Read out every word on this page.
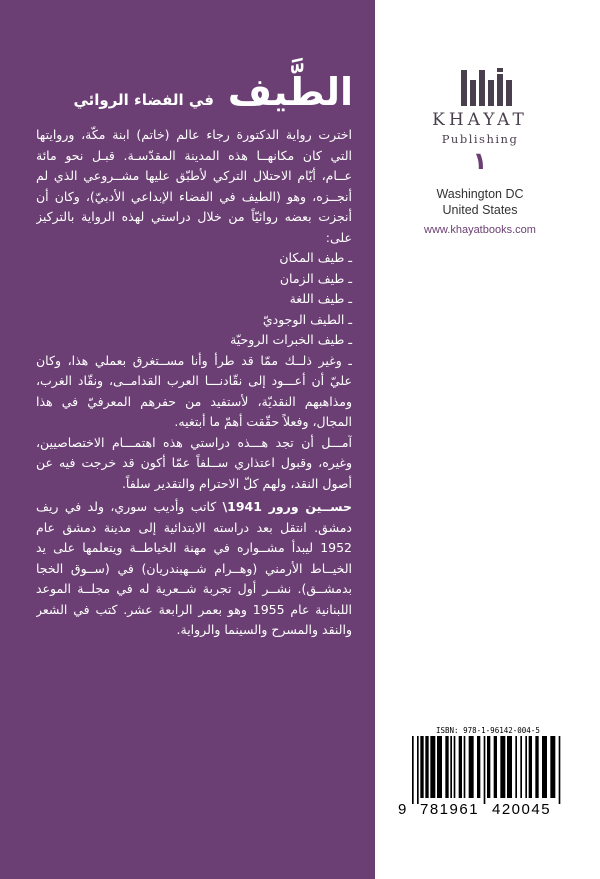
الطَّيف
في الفضاء الروائي
اخترت رواية الدكتورة رجاء عالم (خاتم) ابنة مكّة، وروايتها
التي كان مكانهــا هذه المدينة المقدّسـة. قبـل نحو مائة
عــام، أيّام الاحتلال التركي لأطبّق عليها مشــروعي الذي لم
أنجــزه، وهو (الطيف في الفضاء الإبداعي الأدبيّ)، وكان أن
أنجزت بعضه روائيّاً من خلال دراستي لهذه الرواية بالتركيز
على:
ـ طيف المكان
ـ طيف الزمان
ـ طيف اللغة
ـ الطيف الوجوديّ
ـ طيف الخبرات الروحيّة
ـ وغير ذلــك ممّا قد طرأ وأنا مســتغرق بعملي هذا، وكان
عليّ أن أعـــود إلى نقّادنـــا العرب القدامــى، ونقّاد الغرب،
ومذاهبهم النقديّة، لأستفيد من حفرهم المعرفيّ في هذا
المجال، وفعلاً حقّقت أهمّ ما أبتغيه.
آمـــل أن تجد هـــذه دراستي هذه اهتمـــام الاختصاصيين،
وغيره، وقبول اعتذاري ســلفاً عمّا أكون قد خرجت فيه عن
أصول النقد، ولهم كلّ الاحترام والتقدير سلفاً.
حســين ورور 1941\ كاتب وأديب سوري، ولد في ريف
دمشق. انتقل بعد دراسته الابتدائية إلى مدينة دمشق عام
1952 ليبدأ مشــواره في مهنة الخياطــة ويتعلمها على يد
الخيــاط الأرمني (وهــرام شــهبندريان) في (ســوق الخجا
بدمشــق). نشــر أول تجربة شــعرية له في مجلــة الموعد
اللبنانية عام 1955 وهو بعمر الرابعة عشر. كتب في الشعر
والنقد والمسرح والسينما والرواية.
KHAYAT
Publishing
١
Washington DC
United States
www.khayatbooks.com
ISBN: 978-1-96142-004-5
9 781961 420045
